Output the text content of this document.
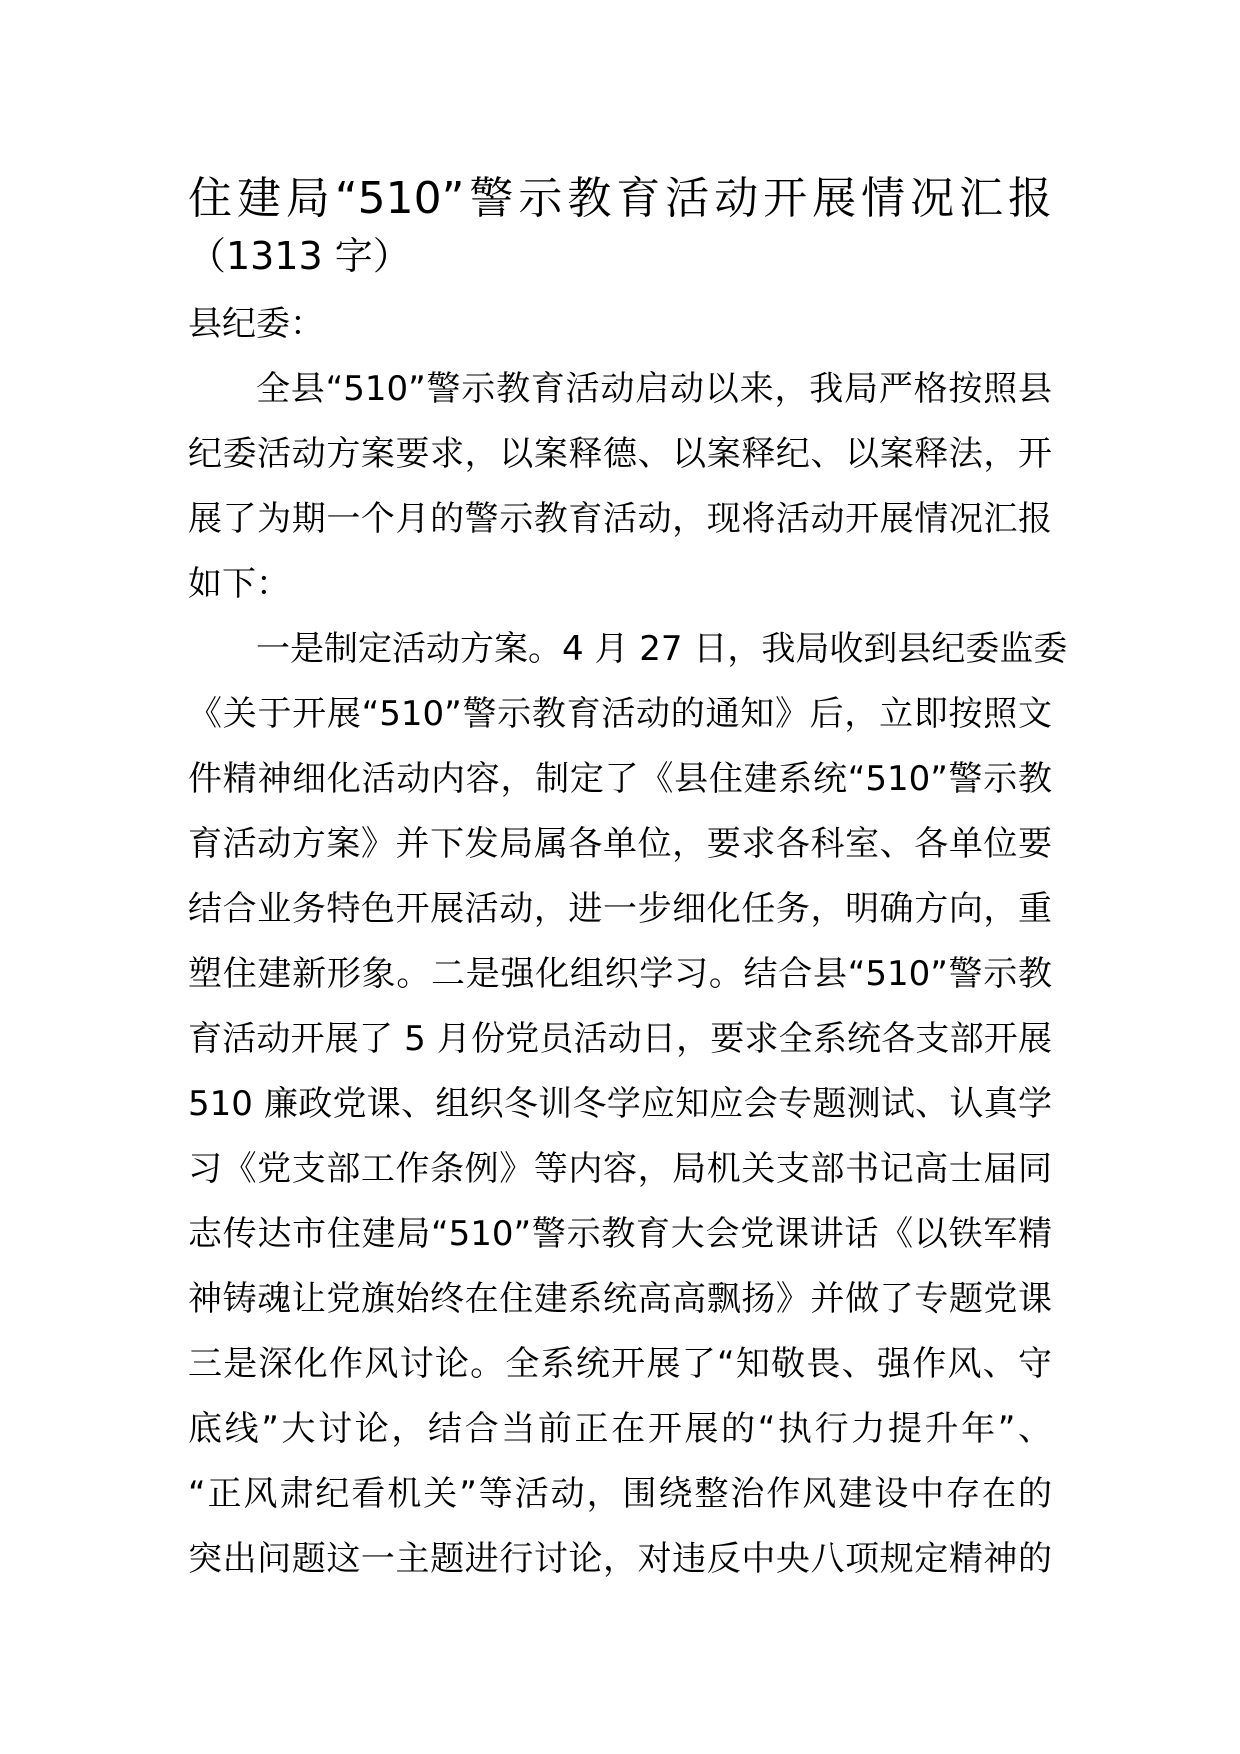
住建局“510”警示教育活动开展情况汇报
（1313 字）
县纪委：
全县“510”警示教育活动启动以来，我局严格按照县
纪委活动方案要求，以案释德、以案释纪、以案释法，开
展了为期一个月的警示教育活动，现将活动开展情况汇报
如下：
一是制定活动方案。4 月 27 日，我局收到县纪委监委
《关于开展“510”警示教育活动的通知》后，立即按照文
件精神细化活动内容，制定了《县住建系统“510”警示教
育活动方案》并下发局属各单位，要求各科室、各单位要
结合业务特色开展活动，进一步细化任务，明确方向，重
塑住建新形象。二是强化组织学习。结合县“510”警示教
育活动开展了 5 月份党员活动日，要求全系统各支部开展
510 廉政党课、组织冬训冬学应知应会专题测试、认真学
习《党支部工作条例》等内容，局机关支部书记高士届同
志传达市住建局“510”警示教育大会党课讲话《以铁军精
神铸魂让党旗始终在住建系统高高飘扬》并做了专题党课
三是深化作风讨论。全系统开展了“知敬畏、强作风、守
底线”大讨论，结合当前正在开展的“执行力提升年”、
“正风肃纪看机关”等活动，围绕整治作风建设中存在的
突出问题这一主题进行讨论，对违反中央八项规定精神的
